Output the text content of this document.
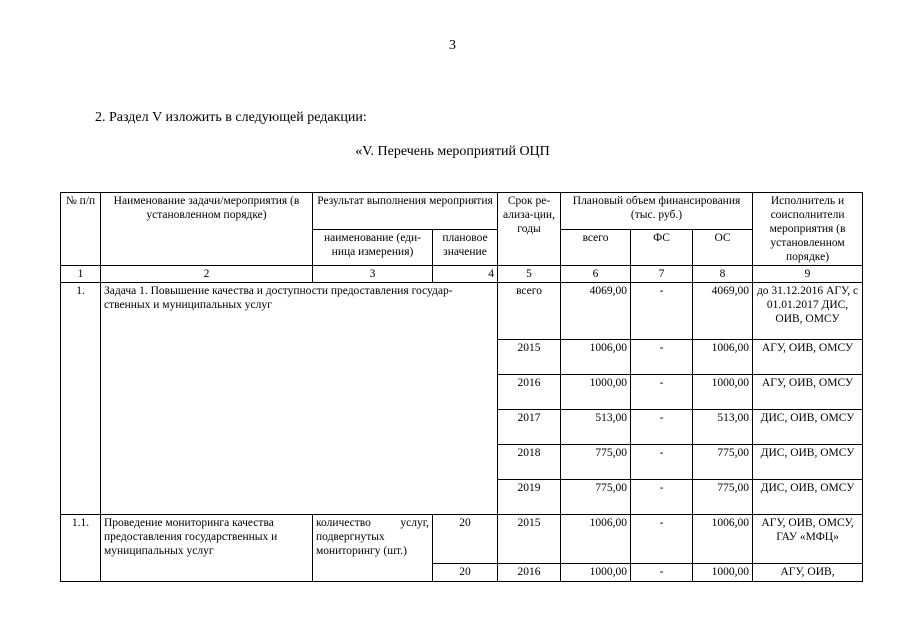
3
2. Раздел V изложить в следующей редакции:
«V. Перечень мероприятий ОЦП
№ п/п	Наименование задачи/мероприятия (в установленном порядке)	Результат выполнения мероприятия		Срок ре-ализа-ции, годы	Плановый объем финансирования (тыс. руб.)			Исполнитель и соисполнители мероприятия (в установленном порядке)
		наименование (еди-ница измерения)	плановое значение		всего	ФС	ОС	
1	2	3	4	5	6	7	8	9
1.	Задача 1. Повышение качества и доступности предоставления государ-ственных и муниципальных услуг			всего	4069,00	-	4069,00	до 31.12.2016 АГУ, с 01.01.2017 ДИС, ОИВ, ОМСУ
				2015	1006,00	-	1006,00	АГУ, ОИВ, ОМСУ
				2016	1000,00	-	1000,00	АГУ, ОИВ, ОМСУ
				2017	513,00	-	513,00	ДИС, ОИВ, ОМСУ
				2018	775,00	-	775,00	ДИС, ОИВ, ОМСУ
				2019	775,00	-	775,00	ДИС, ОИВ, ОМСУ
1.1.	Проведение мониторинга качества предоставления государственных и муниципальных услуг	количество услуг, подвергнутых мониторингу (шт.)	20	2015	1006,00	-	1006,00	АГУ, ОИВ, ОМСУ, ГАУ «МФЦ»
			20	2016	1000,00	-	1000,00	АГУ, ОИВ,
